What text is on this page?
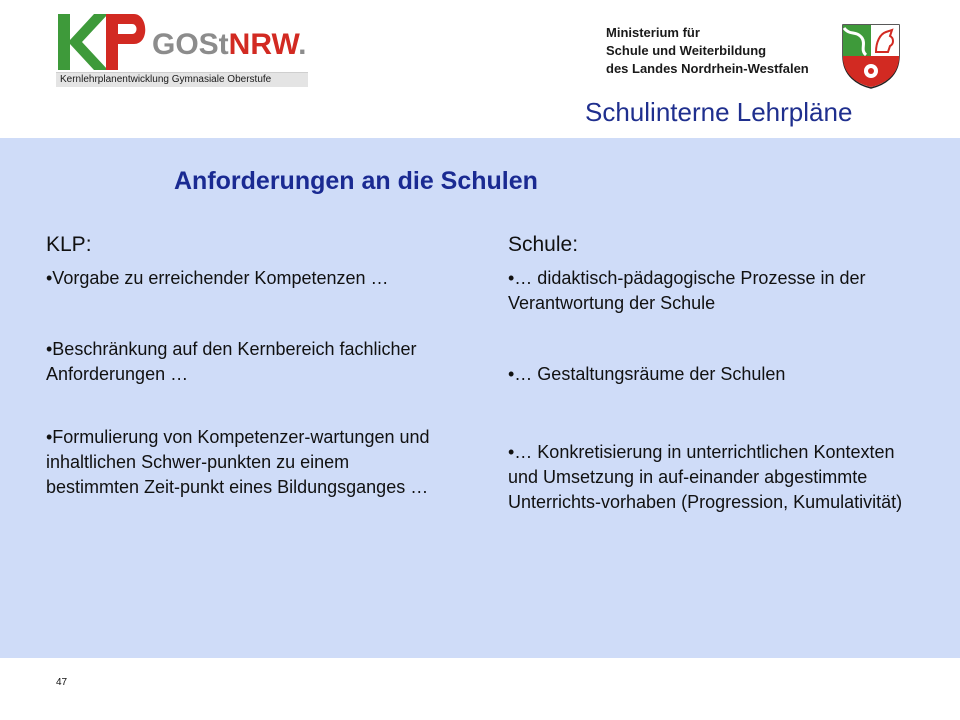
GOStNRW.
Kernlehrplanentwicklung Gymnasiale Oberstufe
Ministerium für
Schule und Weiterbildung
des Landes Nordrhein-Westfalen
Schulinterne Lehrpläne
Anforderungen an die Schulen
KLP:

•Vorgabe zu erreichender Kompetenzen …

•Beschränkung auf den Kernbereich fachlicher Anforderungen …

•Formulierung von Kompetenzer-wartungen und inhaltlichen Schwer-punkten zu einem bestimmten Zeit-punkt eines Bildungsganges …

Schule:

•… didaktisch-pädagogische Prozesse in der Verantwortung der Schule

•… Gestaltungsräume der Schulen

•… Konkretisierung in unterrichtlichen Kontexten und Umsetzung in auf-einander abgestimmte Unterrichts-vorhaben (Progression, Kumulativität)

47
